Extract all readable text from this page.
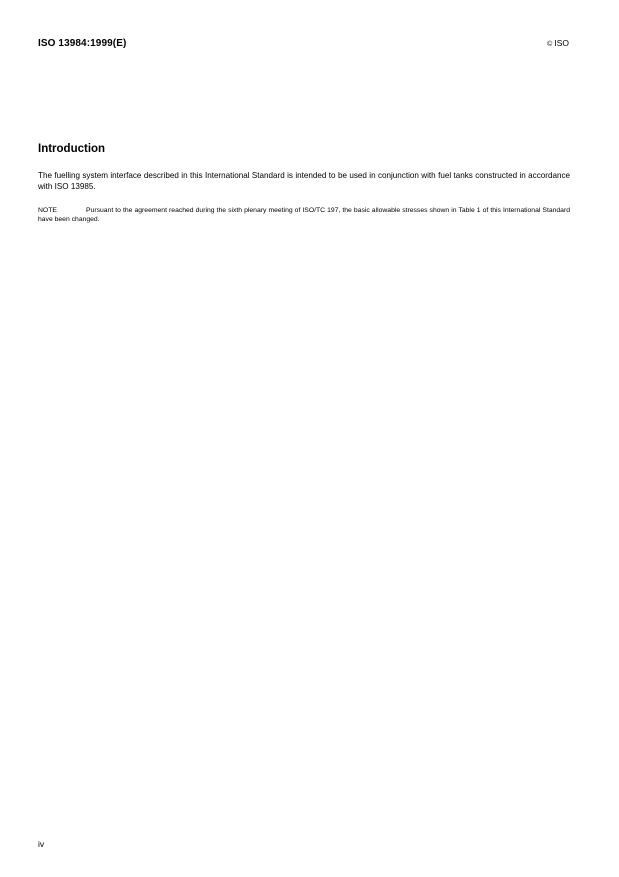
ISO 13984:1999(E)	© ISO
Introduction
The fuelling system interface described in this International Standard is intended to be used in conjunction with fuel tanks constructed in accordance with ISO 13985.
NOTE	Pursuant to the agreement reached during the sixth plenary meeting of ISO/TC 197, the basic allowable stresses shown in Table 1 of this International Standard have been changed.
iv
